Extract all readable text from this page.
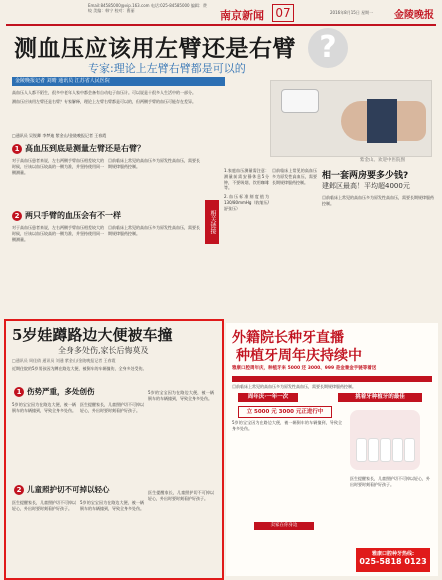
Email:84585000@vip.163.com 电话:025-84585000 编辑：费蛟 美编：韩宁 校对：曹丽	南京新闻 07	2016年8月15日 星期一 金陵晚报
测血压应该用左臂还是右臂 ?
专家:理论上左臂右臂都是可以的
金陵晚报记者 刘晴 通讯员 江苏省人民医院

高血压人人都不陌生，很多中老年人家中都会备有自动电子血压计。可以说是十很多人生活中的一部分。

测血压应该用左臂还是右臂？专家解释，理论上左臂右臂都是可以的，但两侧手臂的血压可能存在差异。

□通讯员 吴锐卿 李梦迪 紫金山/金陵晚报记者 王春霞
紫金山。欢迎中医院图
1 高血压到底是测量左臂还是右臂？
对于高血压患者来说，左右两侧手臂血压相差较大的时候，应该以血压较高的一侧为准，并坚持使用同一侧测量。
目前临床上常见的高血压多为原发性高血压，需要长期规律服药控制。
2 两只手臂的血压会有不一样
对于高血压患者来说，左右两侧手臂血压相差较大的时候，应该以血压较高的一侧为准，并坚持使用同一侧测量。
目前临床上常见的高血压多为原发性高血压，需要长期规律服药控制。	相关链接

1.家庭血压测量需注意：测量前需安静休息5分钟，不要吸烟、饮用咖啡等。

2.血压标准刻度值为130/80mmHg（收缩压/舒张压）

目前临床上常见的高血压多为原发性高血压，需要长期规律服药控制。
相一套两房要多少钱?
建邺区最高！平均超4000元
目前临床上常见的高血压多为原发性高血压，需要长期规律服药控制。
5岁娃蹲路边大便被车撞
全身多处伤,家长后悔莫及
□通讯员 周佳倩 通讯员 刘通 紫金山/金陵晚报记者 王春霞
近期住院的5岁男孩因为蹲在路边大便，被倒车的车辆撞伤，全身多处受伤。
1 伤势严重，多处创伤
5岁的宝宝因为在路边大便，被一辆倒车的车辆撞到，导致全身多处伤。
医生提醒家长，儿童照护切不可掉以轻心，外出时要时刻看护好孩子。
5岁的宝宝因为在路边大便，被一辆倒车的车辆撞到，导致全身多处伤。
2 儿童照护切不可掉以轻心
医生提醒家长，儿童照护切不可掉以轻心，外出时要时刻看护好孩子。
5岁的宝宝因为在路边大便，被一辆倒车的车辆撞到，导致全身多处伤。
医生提醒家长，儿童照护切不可掉以轻心，外出时要时刻看护好孩子。
外籍院长种牙直播
种植牙周年庆持续中
雅康口腔周年庆，种植牙来 5000 还 3000、999 是金兼金手链等着送
目前临床上常见的高血压多为原发性高血压，需要长期规律服药控制。
周年庆·一年一次	挑着牙种植牙的最佳
立 5000 元 3000 元正进行中
5岁的宝宝因为在路边大便，被一辆倒车的车辆撞到，导致全身多处伤。
医生提醒家长，儿童照护切不可掉以轻心，外出时要时刻看护好孩子。
卖家在你身边
雅康口腔种牙热线:
025-5818 0123
